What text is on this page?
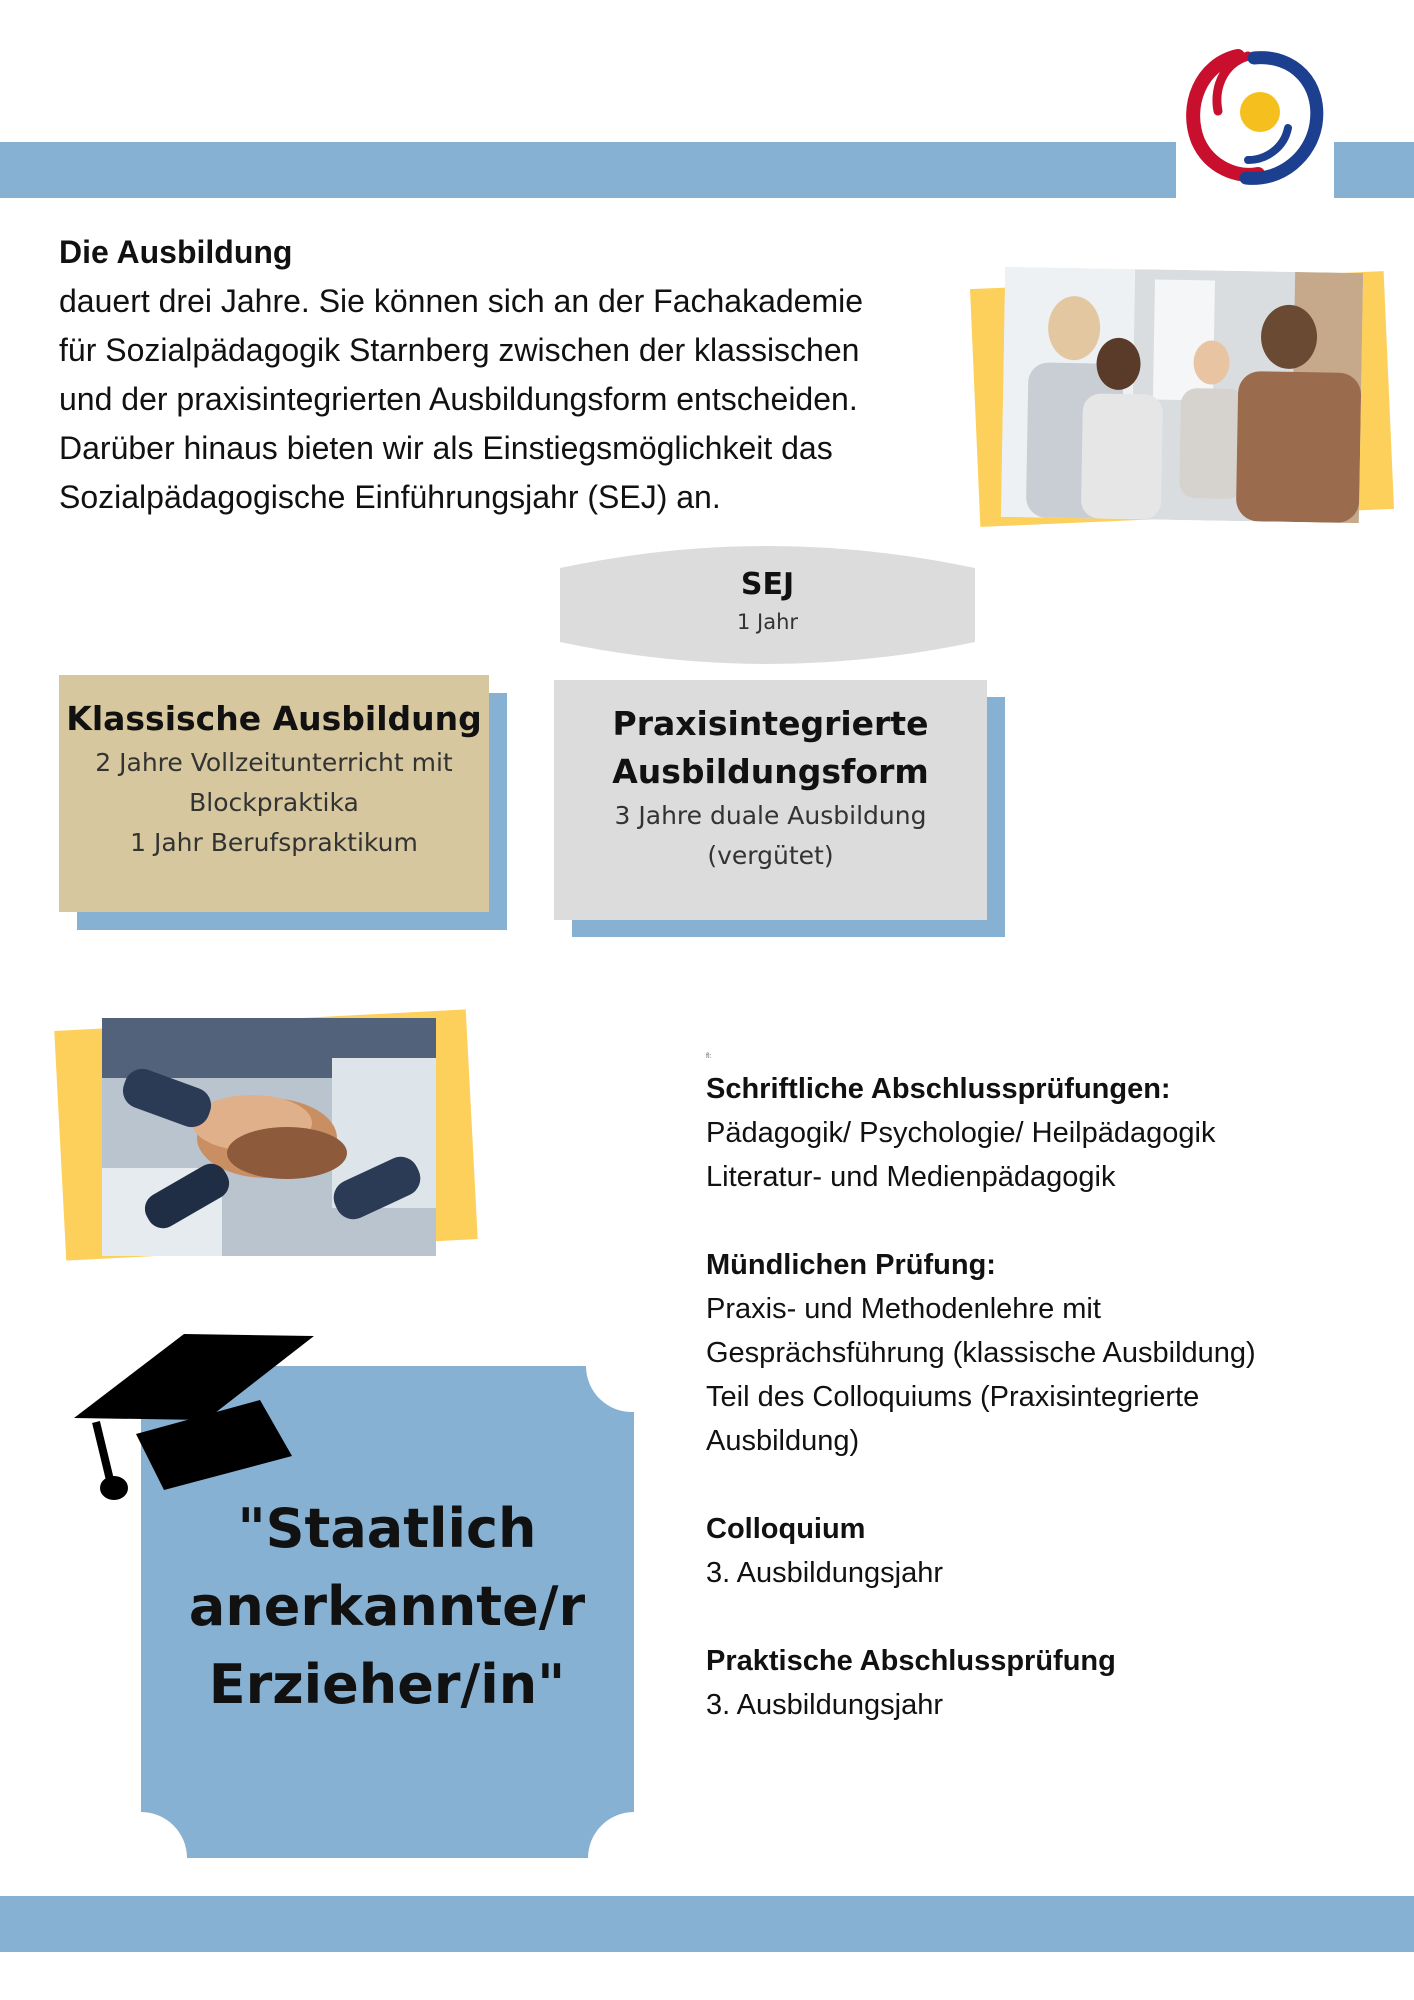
Die Ausbildung
dauert drei Jahre. Sie können sich an der Fachakademie
für Sozialpädagogik Starnberg zwischen der klassischen
und der praxisintegrierten Ausbildungsform entscheiden.
Darüber hinaus bieten wir als Einstiegsmöglichkeit das
Sozialpädagogische Einführungsjahr (SEJ) an.
SEJ
1 Jahr
Klassische Ausbildung
2 Jahre Vollzeitunterricht mit
Blockpraktika
1 Jahr Berufspraktikum
Praxisintegrierte
Ausbildungsform
3 Jahre duale Ausbildung
(vergütet)
fl:
Schriftliche Abschlussprüfungen:
Pädagogik/ Psychologie/ Heilpädagogik
Literatur- und Medienpädagogik
Mündlichen Prüfung:
Praxis- und Methodenlehre mit
Gesprächsführung (klassische Ausbildung)
Teil des Colloquiums (Praxisintegrierte
Ausbildung)
Colloquium
3. Ausbildungsjahr
Praktische Abschlussprüfung
3. Ausbildungsjahr
"Staatlich
anerkannte/r
Erzieher/in"
